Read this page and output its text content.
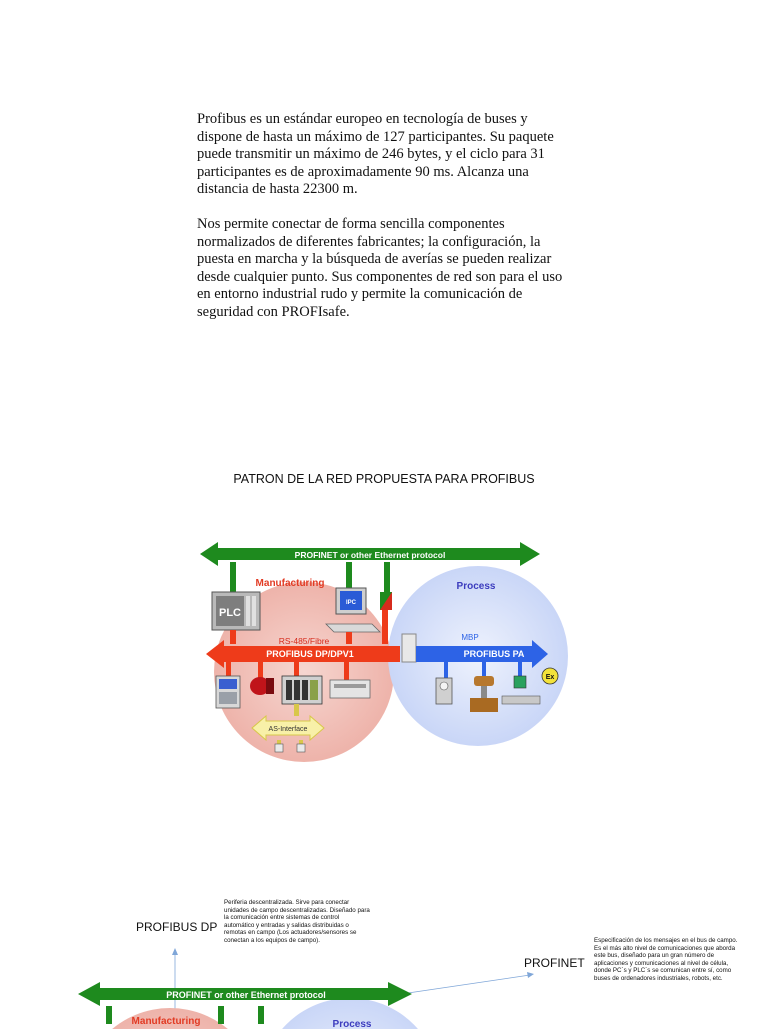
Profibus es un estándar europeo en tecnología de buses y dispone de hasta un máximo de 127 participantes. Su paquete puede transmitir un máximo de 246 bytes, y el ciclo para 31 participantes es de aproximadamente 90 ms. Alcanza una distancia de hasta 22300 m.
Nos permite conectar de forma sencilla componentes normalizados de diferentes fabricantes; la configuración, la puesta en marcha y la búsqueda de averías se pueden realizar desde cualquier punto. Sus componentes de red son para el uso en entorno industrial rudo y permite la comunicación de seguridad con PROFIsafe.
PATRON DE LA RED PROPUESTA PARA PROFIBUS
PROFINET or other Ethernet protocol
Manufacturing	Process
PLC
IPC
RS-485/Fibre
PROFIBUS DP/DPV1
MBP
PROFIBUS PA
AS-Interface
Ex
PROFIBUS DP
Periferia descentralizada. Sirve para conectar
unidades de campo descentralizadas. Diseñado para
la comunicación entre sistemas de control
automático y entradas y salidas distribuidas o
remotas en campo (Los actuadores/sensores se
conectan a los equipos de campo).
PROFINET
Especificación de los mensajes en el bus de campo.
Es el más alto nivel de comunicaciones que aborda
este bus, diseñado para un gran número de
aplicaciones y comunicaciones al nivel de célula,
donde PC´s y PLC´s se comunican entre sí, como
buses de ordenadores industriales, robots, etc.
PROFINET or other Ethernet protocol
Manufacturing	Process
